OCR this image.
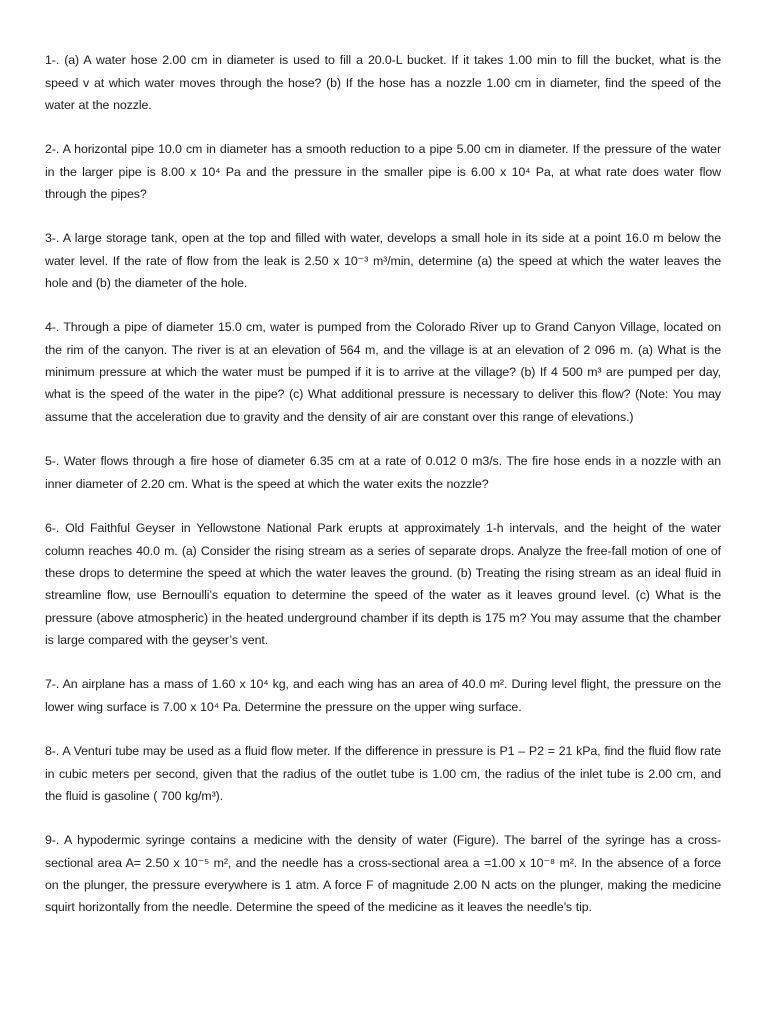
1-. (a) A water hose 2.00 cm in diameter is used to fill a 20.0-L bucket. If it takes 1.00 min to fill the bucket, what is the speed v at which water moves through the hose? (b) If the hose has a nozzle 1.00 cm in diameter, find the speed of the water at the nozzle.

2-. A horizontal pipe 10.0 cm in diameter has a smooth reduction to a pipe 5.00 cm in diameter. If the pressure of the water in the larger pipe is 8.00 x 10⁴ Pa and the pressure in the smaller pipe is 6.00 x 10⁴ Pa, at what rate does water flow through the pipes?

3-. A large storage tank, open at the top and filled with water, develops a small hole in its side at a point 16.0 m below the water level. If the rate of flow from the leak is 2.50 x 10⁻³ m³/min, determine (a) the speed at which the water leaves the hole and (b) the diameter of the hole.

4-. Through a pipe of diameter 15.0 cm, water is pumped from the Colorado River up to Grand Canyon Village, located on the rim of the canyon. The river is at an elevation of 564 m, and the village is at an elevation of 2 096 m. (a) What is the minimum pressure at which the water must be pumped if it is to arrive at the village? (b) If 4 500 m³ are pumped per day, what is the speed of the water in the pipe? (c) What additional pressure is necessary to deliver this flow? (Note: You may assume that the acceleration due to gravity and the density of air are constant over this range of elevations.)

5-. Water flows through a fire hose of diameter 6.35 cm at a rate of 0.012 0 m3/s. The fire hose ends in a nozzle with an inner diameter of 2.20 cm. What is the speed at which the water exits the nozzle?

6-. Old Faithful Geyser in Yellowstone National Park erupts at approximately 1-h intervals, and the height of the water column reaches 40.0 m. (a) Consider the rising stream as a series of separate drops. Analyze the free-fall motion of one of these drops to determine the speed at which the water leaves the ground. (b) Treating the rising stream as an ideal fluid in streamline flow, use Bernoulli’s equation to determine the speed of the water as it leaves ground level. (c) What is the pressure (above atmospheric) in the heated underground chamber if its depth is 175 m? You may assume that the chamber is large compared with the geyser’s vent.

7-. An airplane has a mass of 1.60 x 10⁴ kg, and each wing has an area of 40.0 m². During level flight, the pressure on the lower wing surface is 7.00 x 10⁴ Pa. Determine the pressure on the upper wing surface.

8-. A Venturi tube may be used as a fluid flow meter. If the difference in pressure is P1 – P2 = 21 kPa, find the fluid flow rate in cubic meters per second, given that the radius of the outlet tube is 1.00 cm, the radius of the inlet tube is 2.00 cm, and the fluid is gasoline ( 700 kg/m³).

9-. A hypodermic syringe contains a medicine with the density of water (Figure). The barrel of the syringe has a cross-sectional area A= 2.50 x 10⁻⁵ m², and the needle has a cross-sectional area a =1.00 x 10⁻⁸ m². In the absence of a force on the plunger, the pressure everywhere is 1 atm. A force F of magnitude 2.00 N acts on the plunger, making the medicine squirt horizontally from the needle. Determine the speed of the medicine as it leaves the needle’s tip.
